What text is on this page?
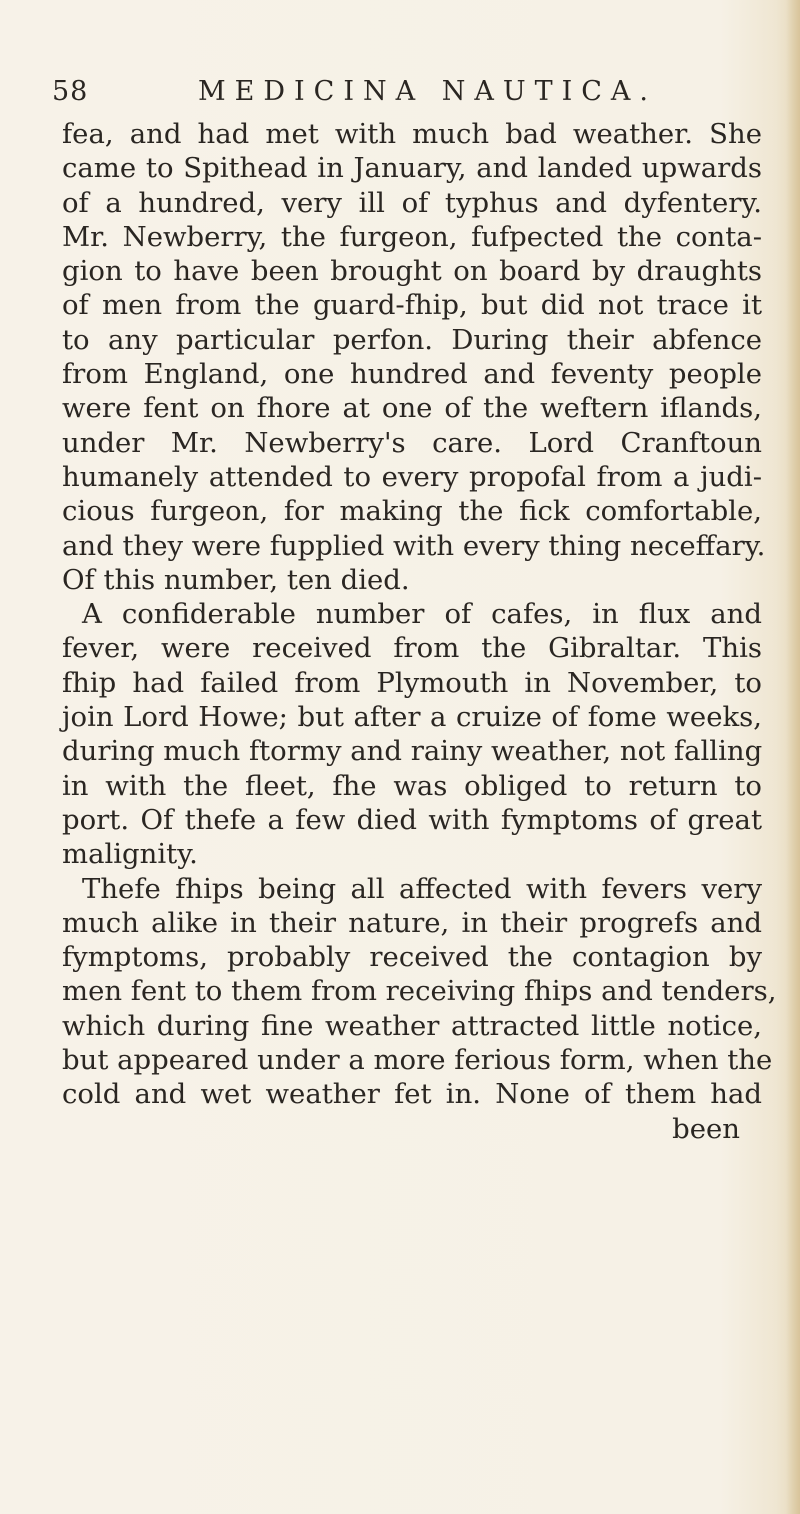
58	MEDICINA NAUTICA.
fea, and had met with much bad weather. She
came to Spithead in January, and landed upwards
of a hundred, very ill of typhus and dyfentery.
Mr. Newberry, the furgeon, fufpected the conta-
gion to have been brought on board by draughts
of men from the guard-fhip, but did not trace it
to any particular perfon. During their abfence
from England, one hundred and feventy people
were fent on fhore at one of the weftern iflands,
under Mr. Newberry's care. Lord Cranftoun
humanely attended to every propofal from a judi-
cious furgeon, for making the fick comfortable,
and they were fupplied with every thing neceffary.
Of this number, ten died.
A confiderable number of cafes, in flux and
fever, were received from the Gibraltar. This
fhip had failed from Plymouth in November, to
join Lord Howe; but after a cruize of fome weeks,
during much ftormy and rainy weather, not falling
in with the fleet, fhe was obliged to return to
port. Of thefe a few died with fymptoms of great
malignity.
Thefe fhips being all affected with fevers very
much alike in their nature, in their progrefs and
fymptoms, probably received the contagion by
men fent to them from receiving fhips and tenders,
which during fine weather attracted little notice,
but appeared under a more ferious form, when the
cold and wet weather fet in. None of them had
been
